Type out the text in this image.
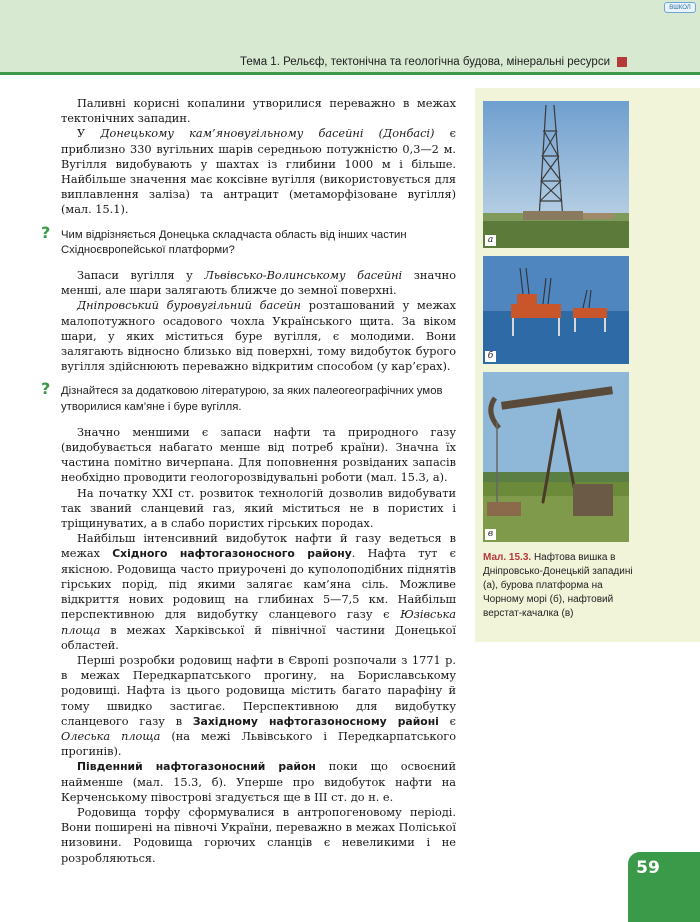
ВШКОЛ
Тема 1. Рельєф, тектонічна та геологічна будова, мінеральні ресурси

Паливні корисні копалини утворилися переважно в межах тектонічних западин.

У Донецькому кам’яновугільному басейні (Донбасі) є приблизно 330 вугільних шарів середньою потужністю 0,3—2 м. Вугілля видобувають у шахтах із глибини 1000 м і більше. Найбільше значення має коксівне вугілля (використовується для виплавлення заліза) та антрацит (метаморфізоване вугілля) (мал. 15.1).

? Чим відрізняється Донецька складчаста область від інших частин Східноєвропейської платформи?

Запаси вугілля у Львівсько-Волинському басейні значно менші, але шари залягають ближче до земної поверхні.

Дніпровський буровугільний басейн розташований у межах малопотужного осадового чохла Українського щита. За віком шари, у яких міститься буре вугілля, є молодими. Вони залягають відносно близько від поверхні, тому видобуток бурого вугілля здійснюють переважно відкритим способом (у кар’єрах).

? Дізнайтеся за додатковою літературою, за яких палеогеографічних умов утворилися кам’яне і буре вугілля.

Значно меншими є запаси нафти та природного газу (видобувається набагато менше від потреб країни). Значна їх частина помітно вичерпана. Для поповнення розвіданих запасів необхідно проводити геологорозвідувальні роботи (мал. 15.3, а).

На початку XXI ст. розвиток технологій дозволив видобувати так званий сланцевий газ, який міститься не в пористих і тріщинуватих, а в слабо пористих гірських породах.

Найбільш інтенсивний видобуток нафти й газу ведеться в межах Східного нафтогазоносного району. Нафта тут є якісною. Родовища часто приурочені до куполоподібних піднятів гірських порід, під якими залягає кам’яна сіль. Можливе відкриття нових родовищ на глибинах 5—7,5 км. Найбільш перспективною для видобутку сланцевого газу є Юзівська площа в межах Харківської й північної частини Донецької областей.

Перші розробки родовищ нафти в Європі розпочали з 1771 р. в межах Передкарпатського прогину, на Бориславському родовищі. Нафта із цього родовища містить багато парафіну й тому швидко застигає. Перспективною для видобутку сланцевого газу в Західному нафтогазоносному районі є Олеська площа (на межі Львівського і Передкарпатського прогинів).

Південний нафтогазоносний район поки що освоєний найменше (мал. 15.3, б). Уперше про видобуток нафти на Керченському півострові згадується ще в III ст. до н. е.

Родовища торфу сформувалися в антропогеновому періоді. Вони поширені на півночі України, переважно в межах Поліської низовини. Родовища горючих сланців є невеликими і не розробляються.

а
б
в
Мал. 15.3. Нафтова вишка в Дніпровсько-Донецькій западині (а), бурова платформа на Чорному морі (б), нафтовий верстат-качалка (в)
59
